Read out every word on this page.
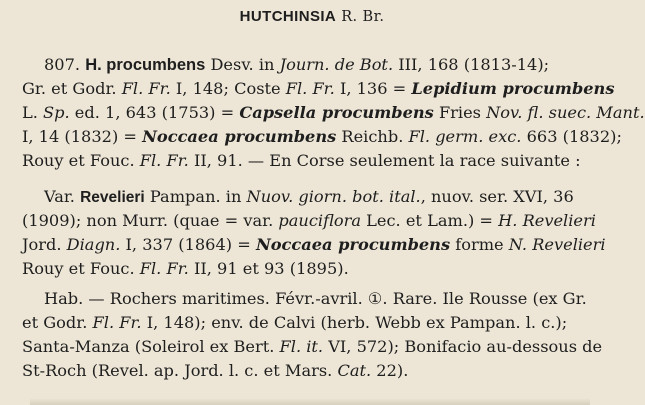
HUTCHINSIA R. Br.
807. H. procumbens Desv. in Journ. de Bot. III, 168 (1813-14);
Gr. et Godr. Fl. Fr. I, 148; Coste Fl. Fr. I, 136 = Lepidium procumbens
L. Sp. ed. 1, 643 (1753) = Capsella procumbens Fries Nov. fl. suec. Mant.
I, 14 (1832) = Noccaea procumbens Reichb. Fl. germ. exc. 663 (1832);
Rouy et Fouc. Fl. Fr. II, 91. — En Corse seulement la race suivante :
Var. Revelieri Pampan. in Nuov. giorn. bot. ital., nuov. ser. XVI, 36
(1909); non Murr. (quae = var. pauciflora Lec. et Lam.) = H. Revelieri
Jord. Diagn. I, 337 (1864) = Noccaea procumbens forme N. Revelieri
Rouy et Fouc. Fl. Fr. II, 91 et 93 (1895).
Hab. — Rochers maritimes. Févr.-avril. ①. Rare. Ile Rousse (ex Gr.
et Godr. Fl. Fr. I, 148); env. de Calvi (herb. Webb ex Pampan. l. c.);
Santa-Manza (Soleirol ex Bert. Fl. it. VI, 572); Bonifacio au-dessous de
St-Roch (Revel. ap. Jord. l. c. et Mars. Cat. 22).
